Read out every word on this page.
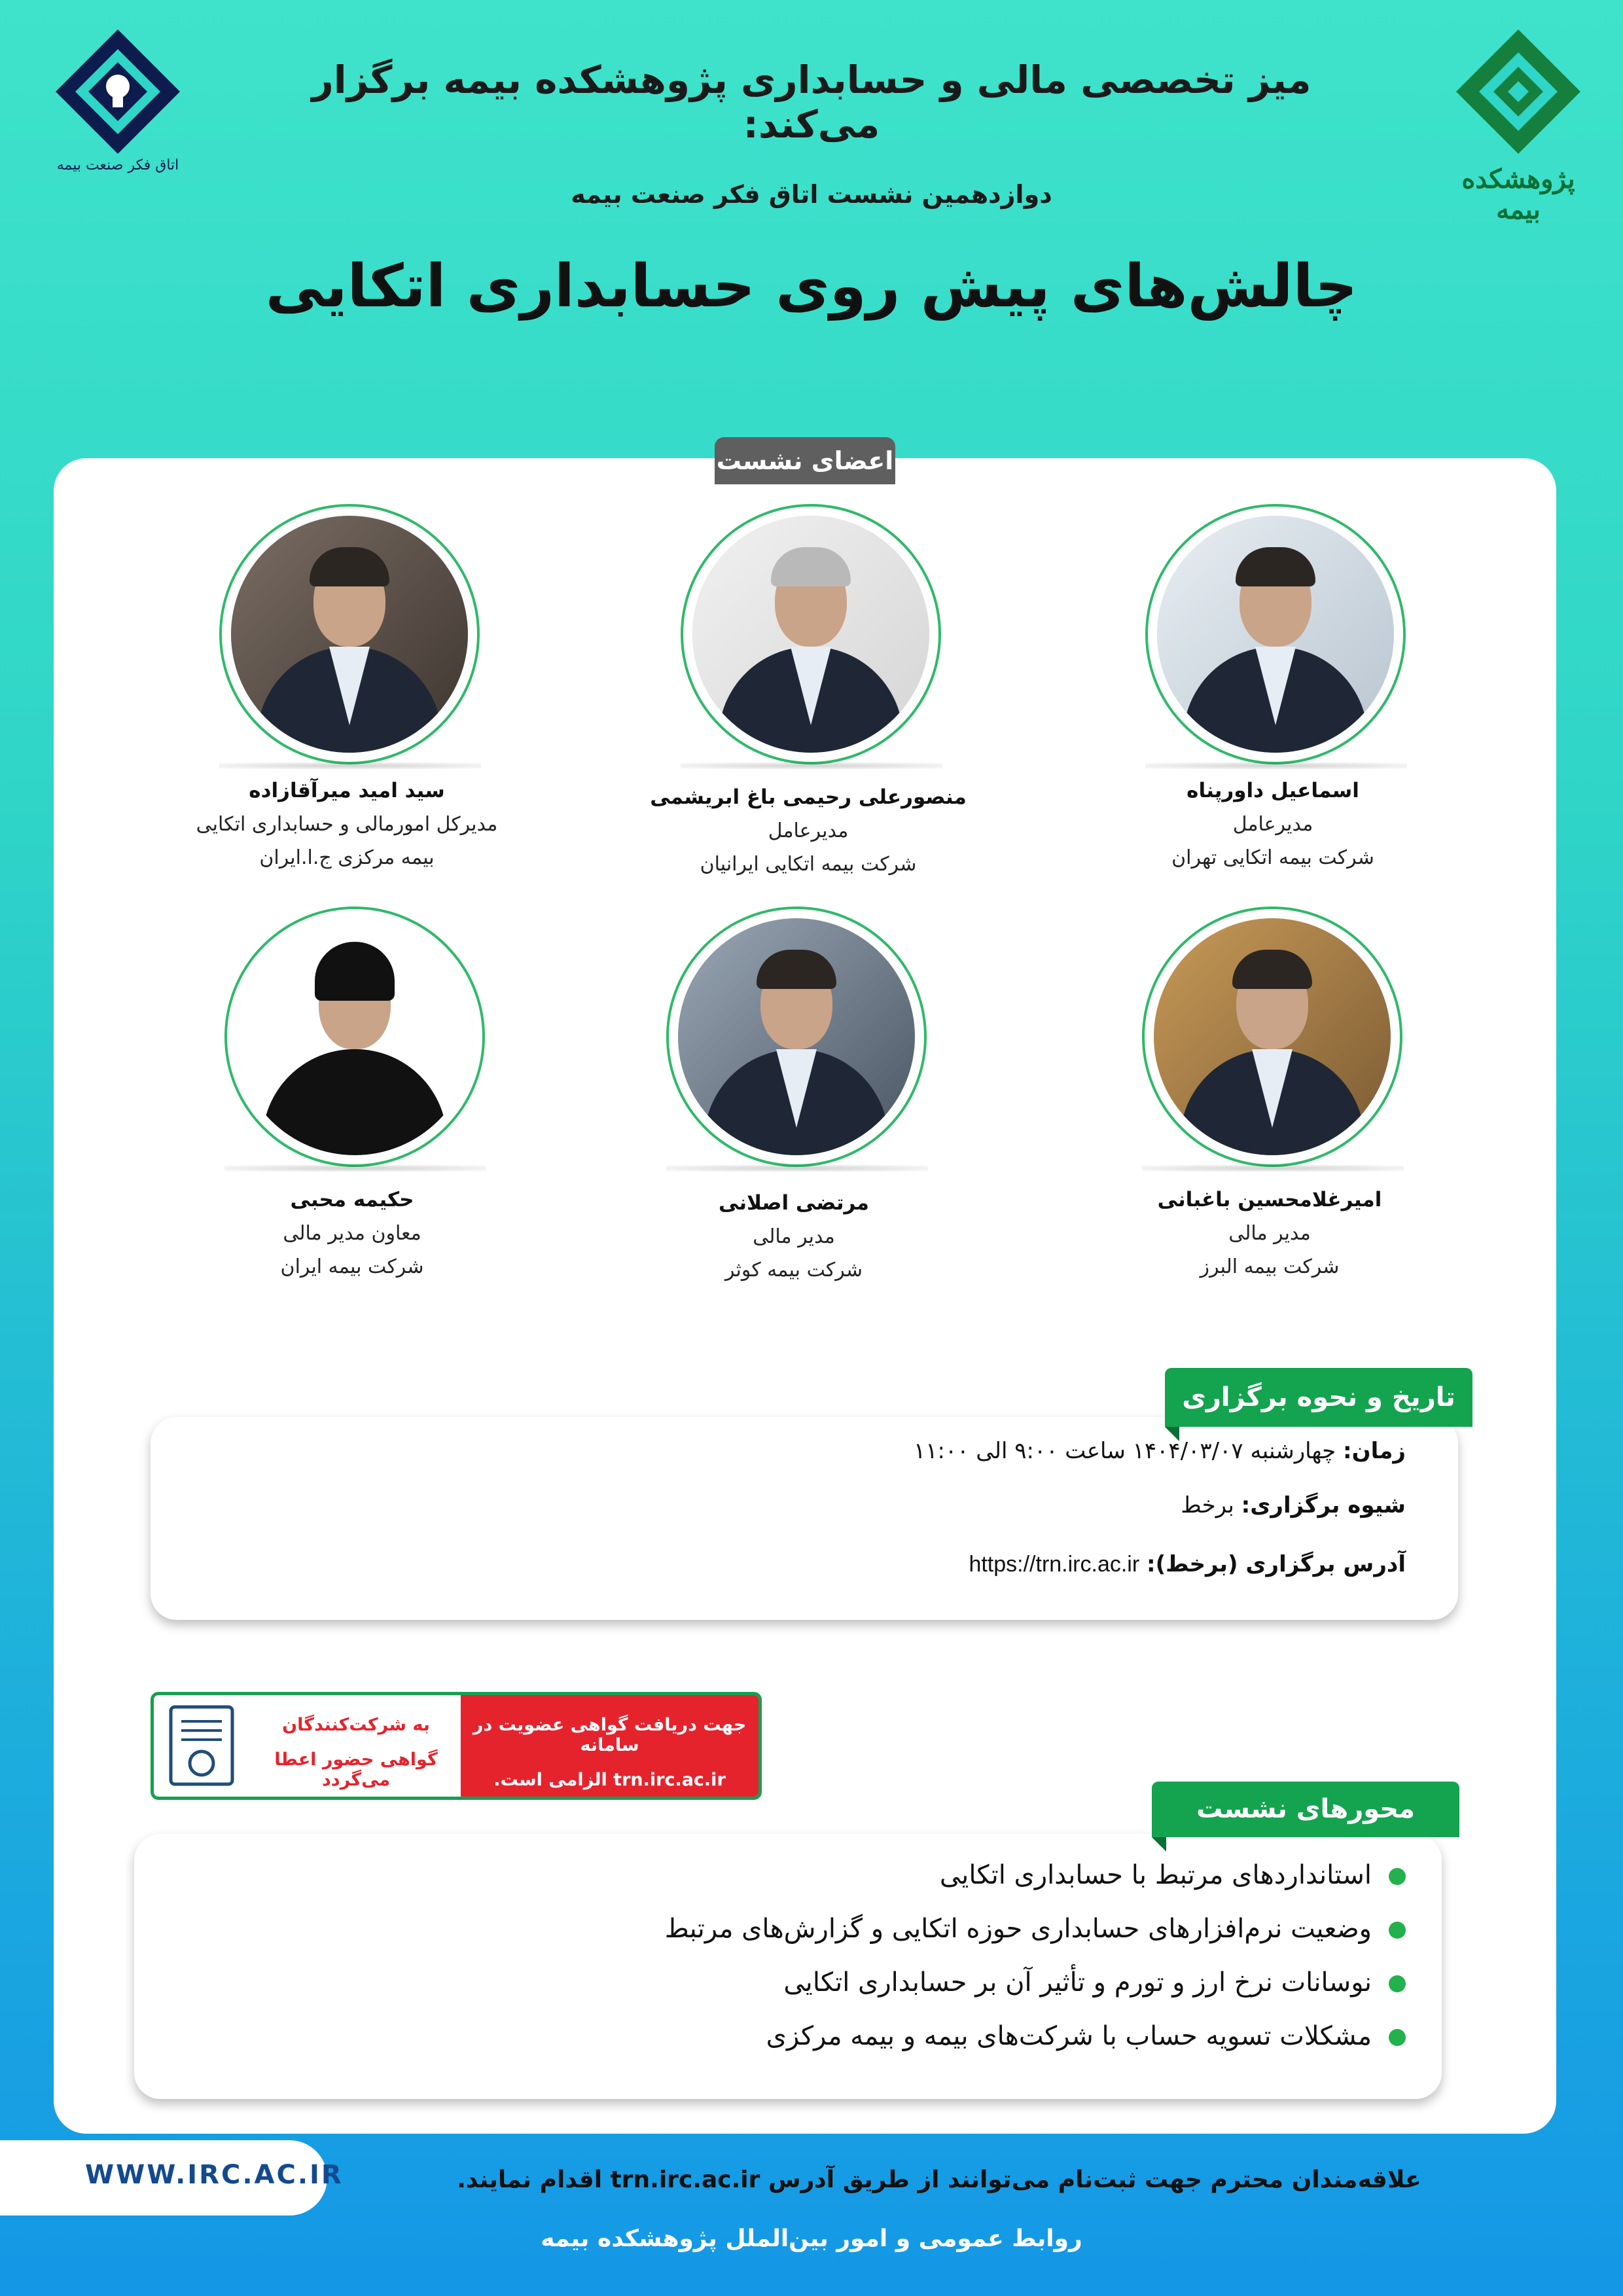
اتاق فکر صنعت بیمه	پژوهشکده بیمه
میز تخصصی مالی و حسابداری پژوهشکده بیمه برگزار می‌کند:
دوازدهمین نشست اتاق فکر صنعت بیمه
چالش‌های پیش روی حسابداری اتکایی
اعضای نشست
اسماعیل داورپناه
مدیرعامل
شرکت بیمه اتکایی تهران
منصورعلی رحیمی باغ ابریشمی
مدیرعامل
شرکت بیمه اتکایی ایرانیان
سید امید میرآقازاده
مدیرکل امورمالی و حسابداری اتکایی
بیمه مرکزی ج.ا.ایران
امیرغلامحسین باغبانی
مدیر مالی
شرکت بیمه البرز
مرتضی اصلانی
مدیر مالی
شرکت بیمه کوثر
حکیمه محبی
معاون مدیر مالی
شرکت بیمه ایران
زمان: چهارشنبه ۱۴۰۴/۰۳/۰۷ ساعت ۹:۰۰ الی ۱۱:۰۰
شیوه برگزاری: برخط
آدرس برگزاری (برخط): https://trn.irc.ac.ir
تاریخ و نحوه برگزاری
جهت دریافت گواهی عضویت در سامانه
trn.irc.ac.ir الزامی است.
به شرکت‌کنندگان
گواهی حضور اعطا می‌گردد
استانداردهای مرتبط با حسابداری اتکایی
وضعیت نرم‌افزارهای حسابداری حوزه اتکایی و گزارش‌های مرتبط
نوسانات نرخ ارز و تورم و تأثیر آن بر حسابداری اتکایی
مشکلات تسویه حساب با شرکت‌های بیمه و بیمه مرکزی
محورهای نشست
WWW.IRC.AC.IR	علاقه‌مندان محترم جهت ثبت‌نام می‌توانند از طریق آدرس trn.irc.ac.ir اقدام نمایند.
روابط عمومی و امور بین‌الملل پژوهشکده بیمه
